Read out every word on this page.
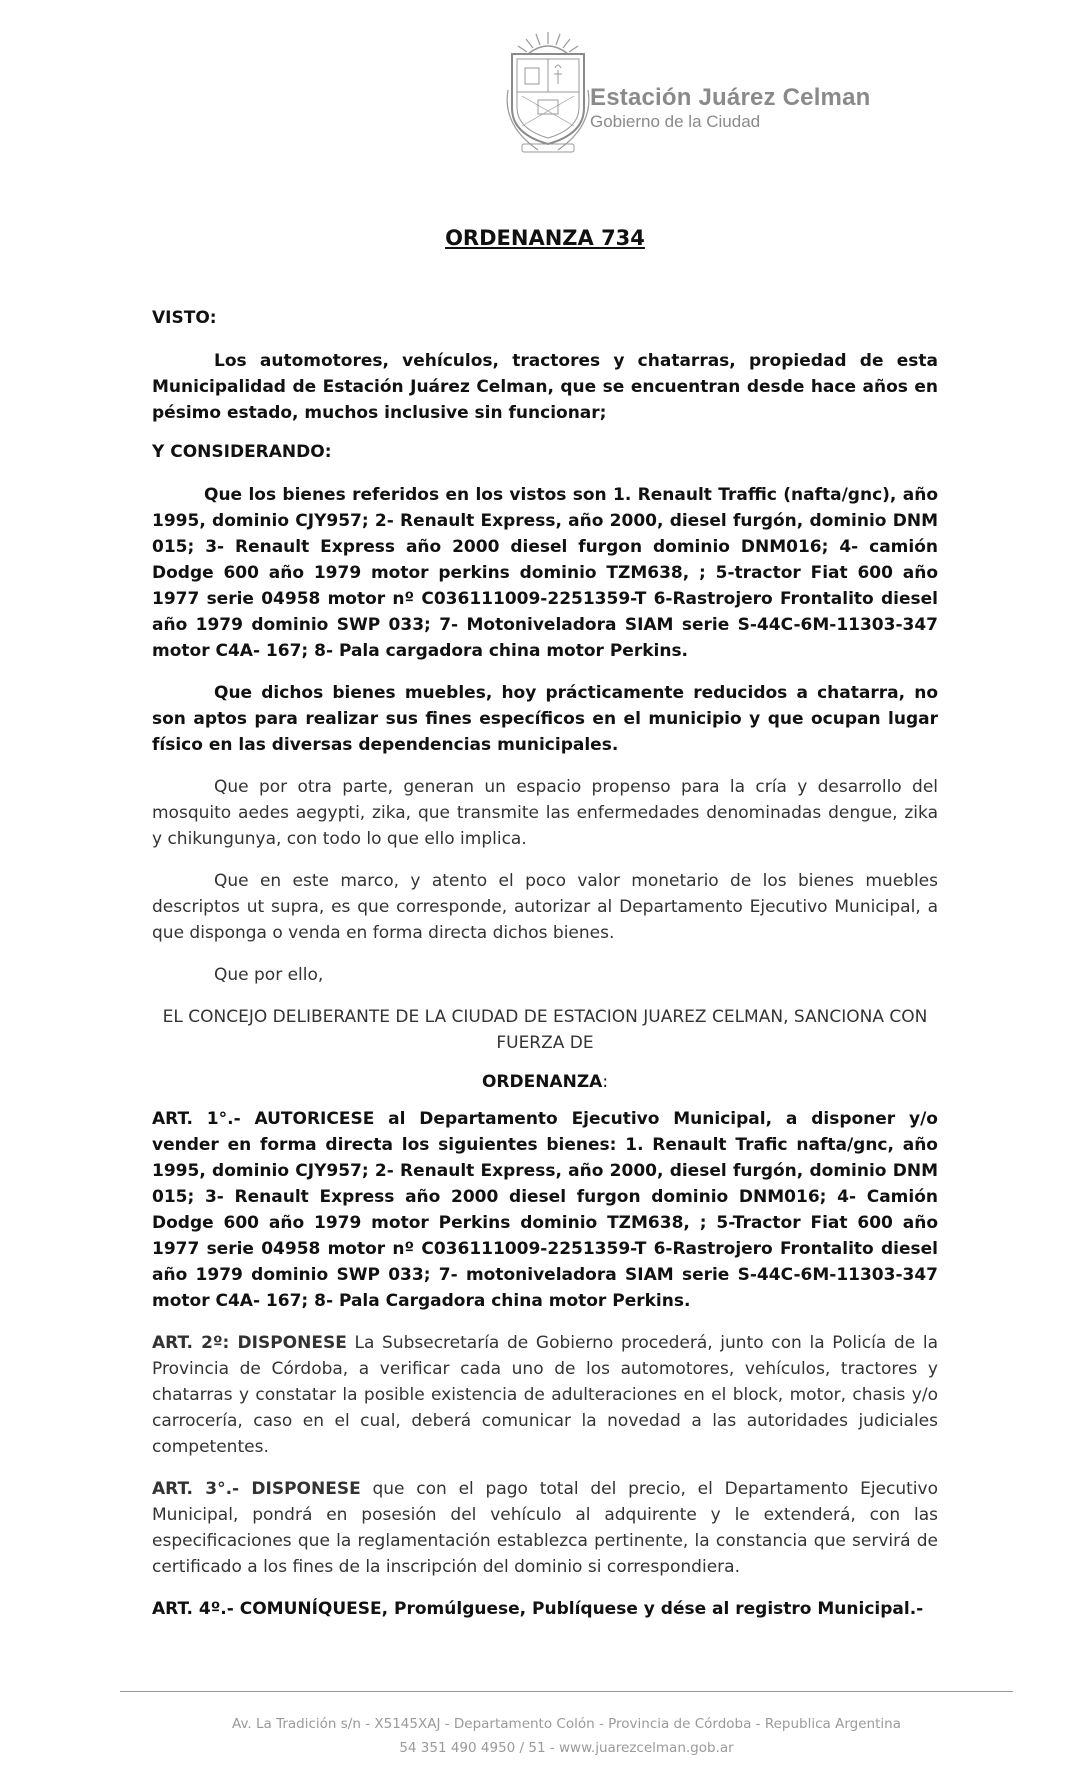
Estación Juárez Celman
Gobierno de la Ciudad
ORDENANZA 734
VISTO:

Los automotores, vehículos, tractores y chatarras, propiedad de esta Municipalidad de Estación Juárez Celman, que se encuentran desde hace años en pésimo estado, muchos inclusive sin funcionar;

Y CONSIDERANDO:

Que los bienes referidos en los vistos son 1. Renault Traffic (nafta/gnc), año 1995, dominio CJY957; 2- Renault Express, año 2000, diesel furgón, dominio DNM 015; 3- Renault Express año 2000 diesel furgon dominio DNM016; 4- camión Dodge 600 año 1979 motor perkins dominio TZM638, ; 5-tractor Fiat 600 año 1977 serie 04958 motor nº C036111009-2251359-T 6-Rastrojero Frontalito diesel año 1979 dominio SWP 033; 7- Motoniveladora SIAM serie S-44C-6M-11303-347 motor C4A- 167; 8- Pala cargadora china motor Perkins.

Que dichos bienes muebles, hoy prácticamente reducidos a chatarra, no son aptos para realizar sus fines específicos en el municipio y que ocupan lugar físico en las diversas dependencias municipales.

Que por otra parte, generan un espacio propenso para la cría y desarrollo del mosquito aedes aegypti, zika, que transmite las enfermedades denominadas dengue, zika y chikungunya, con todo lo que ello implica.

Que en este marco, y atento el poco valor monetario de los bienes muebles descriptos ut supra, es que corresponde, autorizar al Departamento Ejecutivo Municipal, a que disponga o venda en forma directa dichos bienes.

Que por ello,

EL CONCEJO DELIBERANTE DE LA CIUDAD DE ESTACION JUAREZ CELMAN, SANCIONA CON FUERZA DE

ORDENANZA:

ART. 1°.- AUTORICESE al Departamento Ejecutivo Municipal, a disponer y/o vender en forma directa los siguientes bienes: 1. Renault Trafic nafta/gnc, año 1995, dominio CJY957; 2- Renault Express, año 2000, diesel furgón, dominio DNM 015; 3- Renault Express año 2000 diesel furgon dominio DNM016; 4- Camión Dodge 600 año 1979 motor Perkins dominio TZM638, ; 5-Tractor Fiat 600 año 1977 serie 04958 motor nº C036111009-2251359-T 6-Rastrojero Frontalito diesel año 1979 dominio SWP 033; 7- motoniveladora SIAM serie S-44C-6M-11303-347 motor C4A- 167; 8- Pala Cargadora china motor Perkins.

ART. 2º: DISPONESE La Subsecretaría de Gobierno procederá, junto con la Policía de la Provincia de Córdoba, a verificar cada uno de los automotores, vehículos, tractores y chatarras y constatar la posible existencia de adulteraciones en el block, motor, chasis y/o carrocería, caso en el cual, deberá comunicar la novedad a las autoridades judiciales competentes.

ART. 3°.- DISPONESE que con el pago total del precio, el Departamento Ejecutivo Municipal, pondrá en posesión del vehículo al adquirente y le extenderá, con las especificaciones que la reglamentación establezca pertinente, la constancia que servirá de certificado a los fines de la inscripción del dominio si correspondiera.

ART. 4º.- COMUNÍQUESE, Promúlguese, Publíquese y dése al registro Municipal.-

Av. La Tradición s/n - X5145XAJ - Departamento Colón - Provincia de Córdoba - Republica Argentina
54 351 490 4950 / 51 - www.juarezcelman.gob.ar
